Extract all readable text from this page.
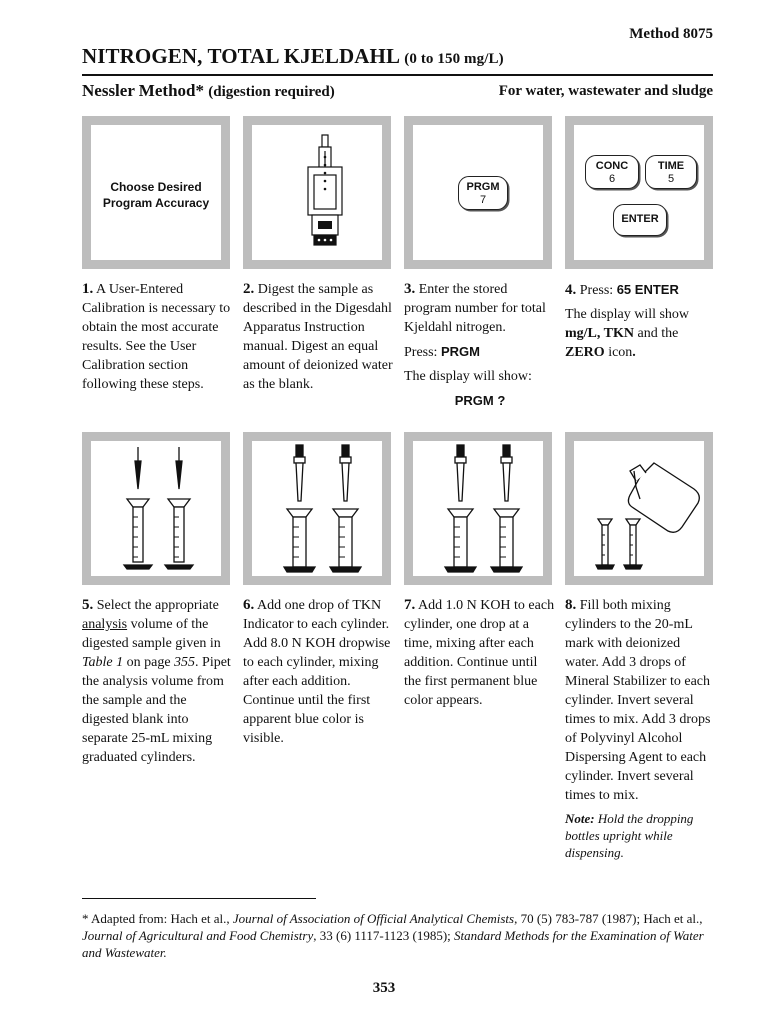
Method 8075
NITROGEN, TOTAL KJELDAHL (0 to 150 mg/L)
Nessler Method* (digestion required)	For water, wastewater and sludge
Choose Desired
Program Accuracy
PRGM
7
CONC
6
TIME
5
ENTER

1. A User-Entered Calibration is necessary to obtain the most accurate results. See the User Calibration section following these steps.

2. Digest the sample as described in the Digesdahl Apparatus Instruction manual. Digest an equal amount of deionized water as the blank.

3. Enter the stored program number for total Kjeldahl nitrogen.

Press: PRGM

The display will show:

PRGM ?

4. Press: 65 ENTER

The display will show mg/L, TKN and the ZERO icon.

5. Select the appropriate analysis volume of the digested sample given in Table 1 on page 355. Pipet the analysis volume from the sample and the digested blank into separate 25-mL mixing graduated cylinders.

6. Add one drop of TKN Indicator to each cylinder. Add 8.0 N KOH dropwise to each cylinder, mixing after each addition. Continue until the first apparent blue color is visible.

7. Add 1.0 N KOH to each cylinder, one drop at a time, mixing after each addition. Continue until the first permanent blue color appears.

8. Fill both mixing cylinders to the 20-mL mark with deionized water. Add 3 drops of Mineral Stabilizer to each cylinder. Invert several times to mix. Add 3 drops of Polyvinyl Alcohol Dispersing Agent to each cylinder. Invert several times to mix.

Note: Hold the dropping bottles upright while dispensing.
* Adapted from: Hach et al., Journal of Association of Official Analytical Chemists, 70 (5) 783-787 (1987); Hach et al., Journal of Agricultural and Food Chemistry, 33 (6) 1117-1123 (1985); Standard Methods for the Examination of Water and Wastewater.
353
